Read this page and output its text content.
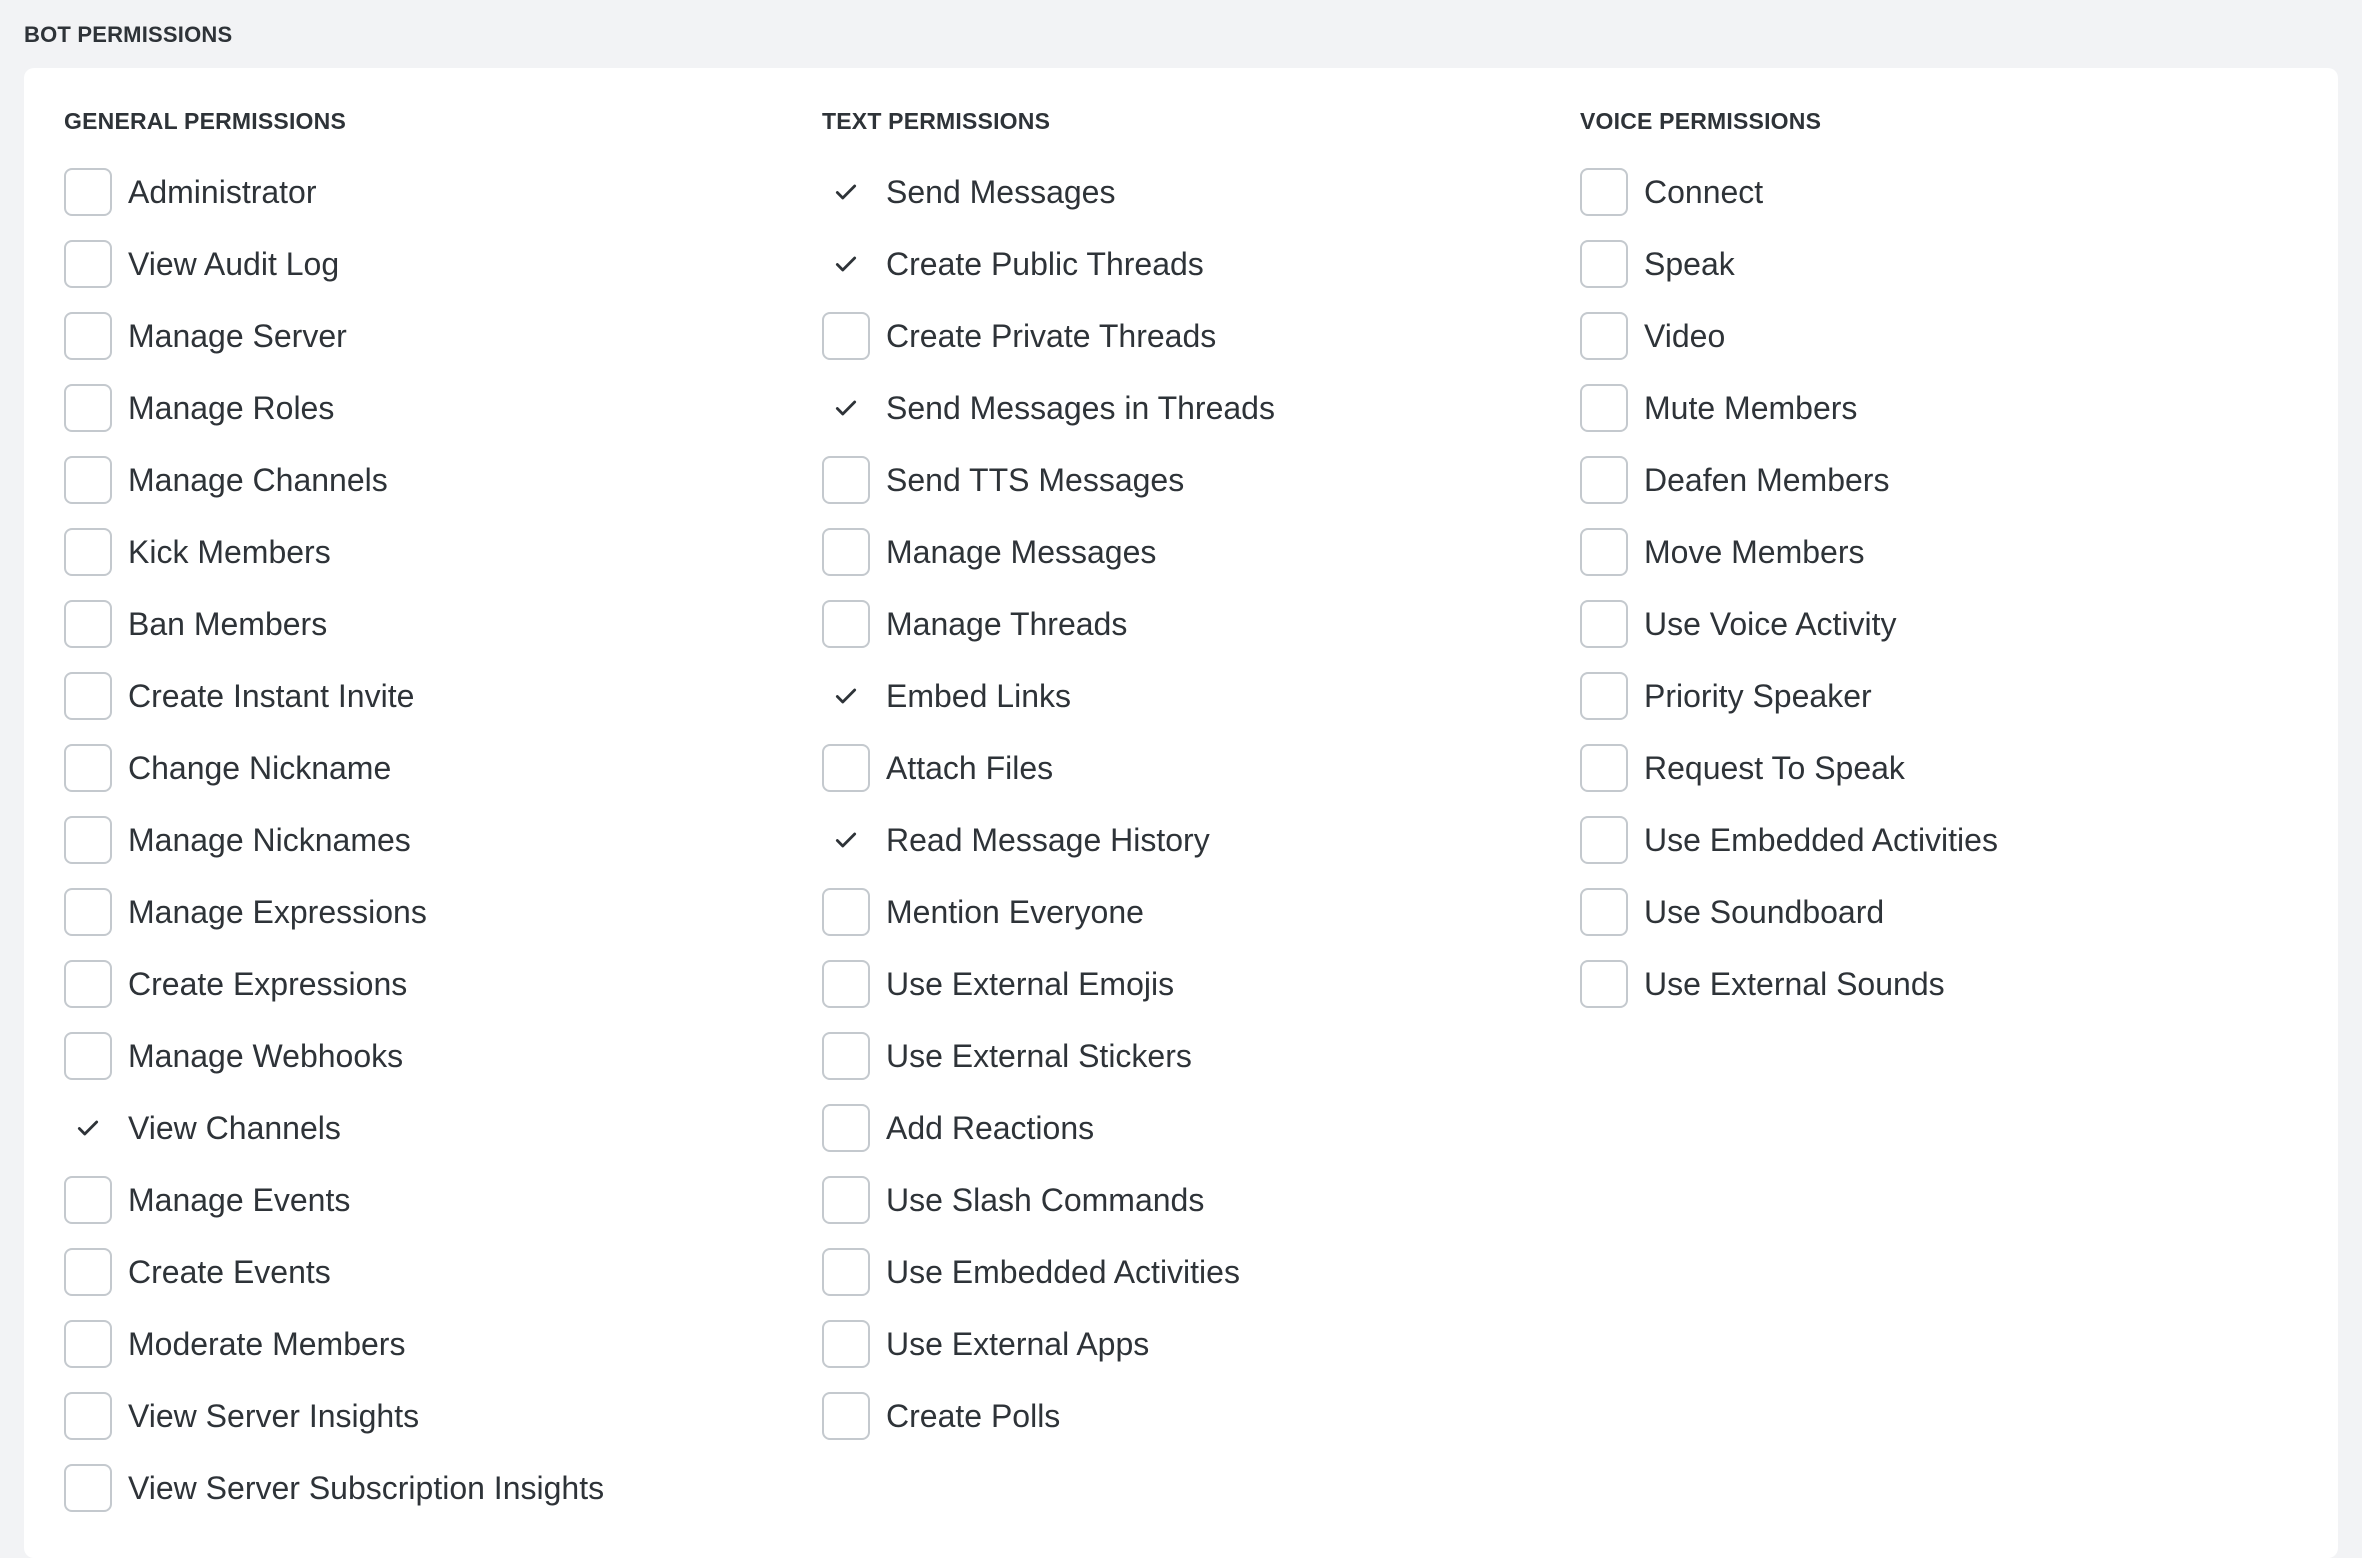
BOT PERMISSIONS
GENERAL PERMISSIONS
Administrator
View Audit Log
Manage Server
Manage Roles
Manage Channels
Kick Members
Ban Members
Create Instant Invite
Change Nickname
Manage Nicknames
Manage Expressions
Create Expressions
Manage Webhooks
View Channels
Manage Events
Create Events
Moderate Members
View Server Insights
View Server Subscription Insights
TEXT PERMISSIONS
Send Messages
Create Public Threads
Create Private Threads
Send Messages in Threads
Send TTS Messages
Manage Messages
Manage Threads
Embed Links
Attach Files
Read Message History
Mention Everyone
Use External Emojis
Use External Stickers
Add Reactions
Use Slash Commands
Use Embedded Activities
Use External Apps
Create Polls
VOICE PERMISSIONS
Connect
Speak
Video
Mute Members
Deafen Members
Move Members
Use Voice Activity
Priority Speaker
Request To Speak
Use Embedded Activities
Use Soundboard
Use External Sounds
